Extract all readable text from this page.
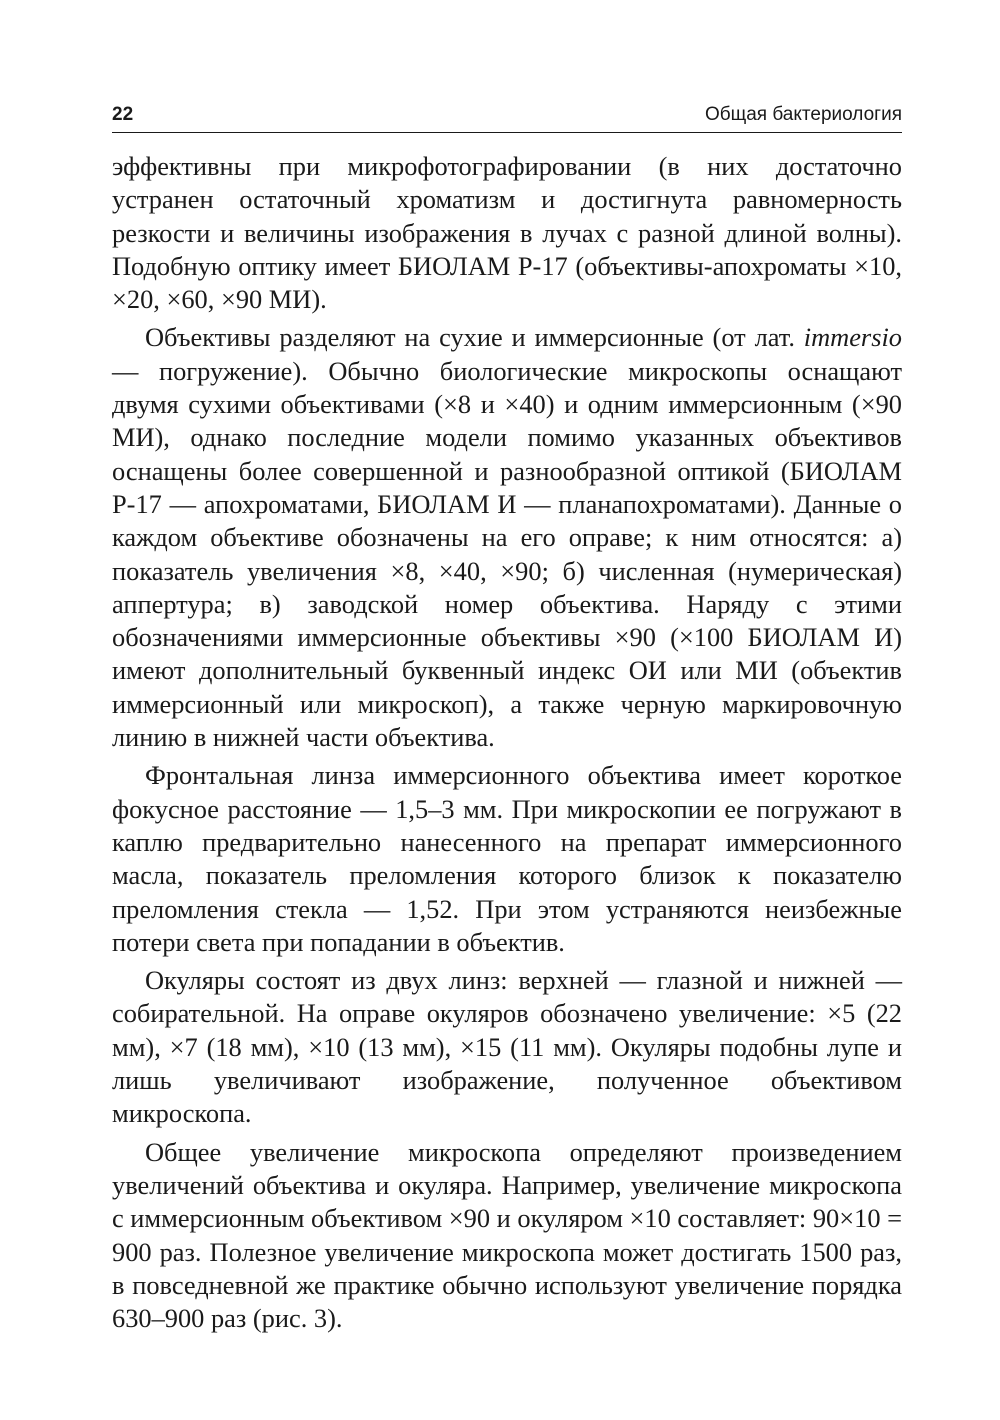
22	Общая бактериология

эффективны при микрофотографировании (в них достаточно устранен остаточный хроматизм и достигнута равномерность резкости и величины изображения в лучах с разной длиной волны). Подобную оптику имеет БИОЛАМ Р-17 (объективы-апохроматы ×10, ×20, ×60, ×90 МИ).

Объективы разделяют на сухие и иммерсионные (от лат. immersio — погружение). Обычно биологические микроскопы оснащают двумя сухими объективами (×8 и ×40) и одним иммерсионным (×90 МИ), однако последние модели помимо указанных объективов оснащены более совершенной и разнообразной оптикой (БИОЛАМ Р-17 — апохроматами, БИОЛАМ И — планапохроматами). Данные о каждом объективе обозначены на его оправе; к ним относятся: а) показатель увеличения ×8, ×40, ×90; б) численная (нумерическая) аппертура; в) заводской номер объектива. Наряду с этими обозначениями иммерсионные объективы ×90 (×100 БИОЛАМ И) имеют дополнительный буквенный индекс ОИ или МИ (объектив иммерсионный или микроскоп), а также черную маркировочную линию в нижней части объектива.

Фронтальная линза иммерсионного объектива имеет короткое фокусное расстояние — 1,5–3 мм. При микроскопии ее погружают в каплю предварительно нанесенного на препарат иммерсионного масла, показатель преломления которого близок к показателю преломления стекла — 1,52. При этом устраняются неизбежные потери света при попадании в объектив.

Окуляры состоят из двух линз: верхней — глазной и нижней — собирательной. На оправе окуляров обозначено увеличение: ×5 (22 мм), ×7 (18 мм), ×10 (13 мм), ×15 (11 мм). Окуляры подобны лупе и лишь увеличивают изображение, полученное объективом микроскопа.

Общее увеличение микроскопа определяют произведением увеличений объектива и окуляра. Например, увеличение микроскопа с иммерсионным объективом ×90 и окуляром ×10 составляет: 90×10 = 900 раз. Полезное увеличение микроскопа может достигать 1500 раз, в повседневной же практике обычно используют увеличение порядка 630–900 раз (рис. 3).
